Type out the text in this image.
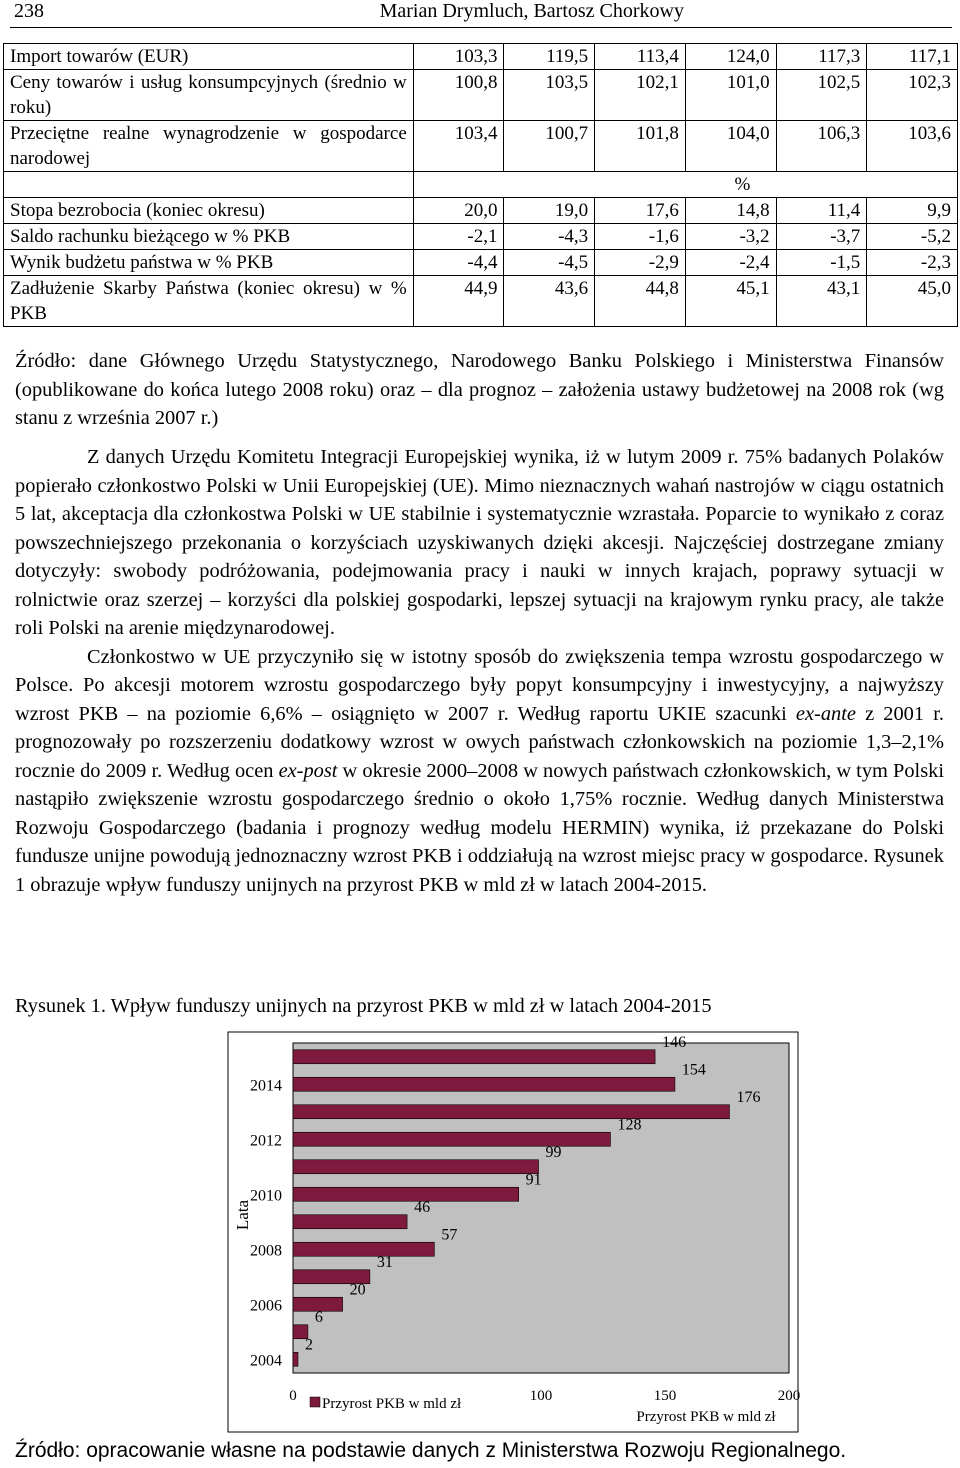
238	Marian Drymluch, Bartosz Chorkowy
Import towarów (EUR)	103,3	119,5	113,4	124,0	117,3	117,1
Ceny towarów i usług konsumpcyjnych (średnio w roku)	100,8	103,5	102,1	101,0	102,5	102,3
Przeciętne realne wynagrodzenie w gospodarce narodowej	103,4	100,7	101,8	104,0	106,3	103,6
	%					
Stopa bezrobocia (koniec okresu)	20,0	19,0	17,6	14,8	11,4	9,9
Saldo rachunku bieżącego w % PKB	-2,1	-4,3	-1,6	-3,2	-3,7	-5,2
Wynik budżetu państwa w % PKB	-4,4	-4,5	-2,9	-2,4	-1,5	-2,3
Zadłużenie Skarby Państwa (koniec okresu) w % PKB	44,9	43,6	44,8	45,1	43,1	45,0
Źródło: dane Głównego Urzędu Statystycznego, Narodowego Banku Polskiego i Ministerstwa Finansów (opublikowane do końca lutego 2008 roku) oraz – dla prognoz – założenia ustawy budżetowej na 2008 rok (wg stanu z września 2007 r.)

Z danych Urzędu Komitetu Integracji Europejskiej wynika, iż w lutym 2009 r. 75% badanych Polaków popierało członkostwo Polski w Unii Europejskiej (UE). Mimo nieznacznych wahań nastrojów w ciągu ostatnich 5 lat, akceptacja dla członkostwa Polski w UE stabilnie i systematycznie wzrastała. Poparcie to wynikało z coraz powszechniejszego przekonania o korzyściach uzyskiwanych dzięki akcesji. Najczęściej dostrzegane zmiany dotyczyły: swobody podróżowania, podejmowania pracy i nauki w innych krajach, poprawy sytuacji w rolnictwie oraz szerzej – korzyści dla polskiej gospodarki, lepszej sytuacji na krajowym rynku pracy, ale także roli Polski na arenie międzynarodowej.

Członkostwo w UE przyczyniło się w istotny sposób do zwiększenia tempa wzrostu gospodarczego w Polsce. Po akcesji motorem wzrostu gospodarczego były popyt konsumpcyjny i inwestycyjny, a najwyższy wzrost PKB – na poziomie 6,6% – osiągnięto w 2007 r. Według raportu UKIE szacunki ex-ante z 2001 r. prognozowały po rozszerzeniu dodatkowy wzrost w owych państwach członkowskich na poziomie 1,3–2,1% rocznie do 2009 r. Według ocen ex-post w okresie 2000–2008 w nowych państwach członkowskich, w tym Polski nastąpiło zwiększenie wzrostu gospodarczego średnio o około 1,75% rocznie. Według danych Ministerstwa Rozwoju Gospodarczego (badania i prognozy według modelu HERMIN) wynika, iż przekazane do Polski fundusze unijne powodują jednoznaczny wzrost PKB i oddziałują na wzrost miejsc pracy w gospodarce. Rysunek 1 obrazuje wpływ funduszy unijnych na przyrost PKB w mld zł w latach 2004-2015.

Rysunek 1. Wpływ funduszy unijnych na przyrost PKB w mld zł w latach 2004-2015
2
6
20
31
57
46
91
99
128
176
154
146
2004
2006
2008
2010
2012
2014
0	100	150	200
Lata
Przyrost PKB w mld zł
Przyrost PKB w mld zł
Źródło: opracowanie własne na podstawie danych z Ministerstwa Rozwoju Regionalnego.
